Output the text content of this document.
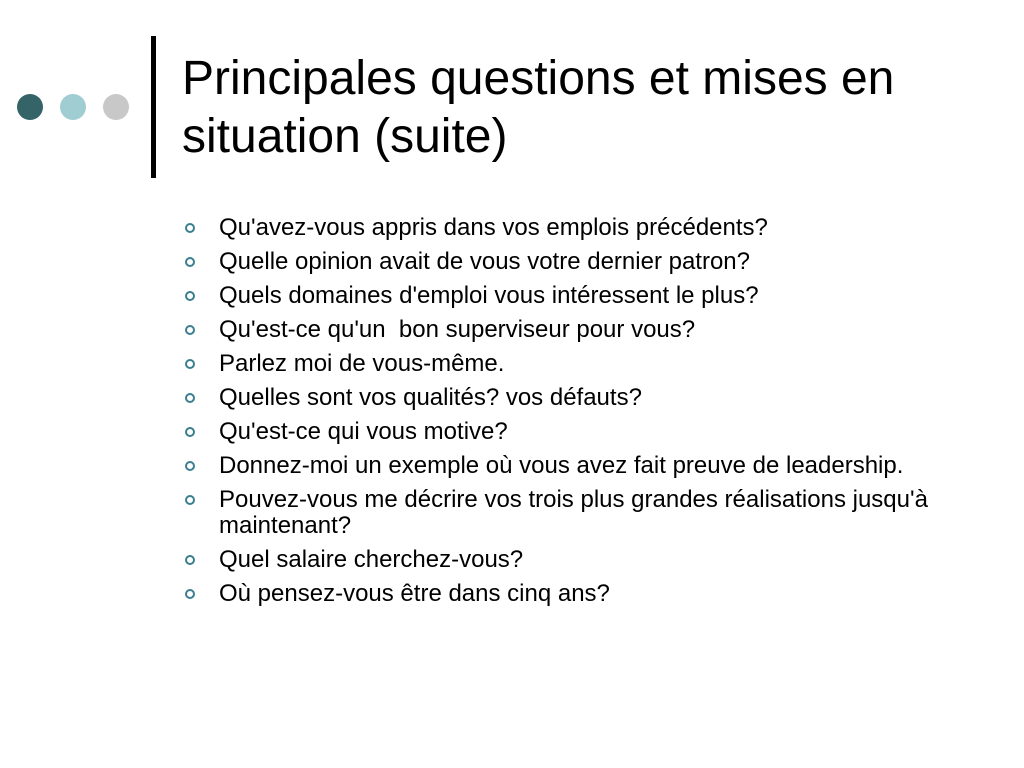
Principales questions et mises en situation (suite)
Qu'avez-vous appris dans vos emplois précédents?
Quelle opinion avait de vous votre dernier patron?
Quels domaines d'emploi vous intéressent le plus?
Qu'est-ce qu'un  bon superviseur pour vous?
Parlez moi de vous-même.
Quelles sont vos qualités? vos défauts?
Qu'est-ce qui vous motive?
Donnez-moi un exemple où vous avez fait preuve de leadership.
Pouvez-vous me décrire vos trois plus grandes réalisations jusqu'à maintenant?
Quel salaire cherchez-vous?
Où pensez-vous être dans cinq ans?
